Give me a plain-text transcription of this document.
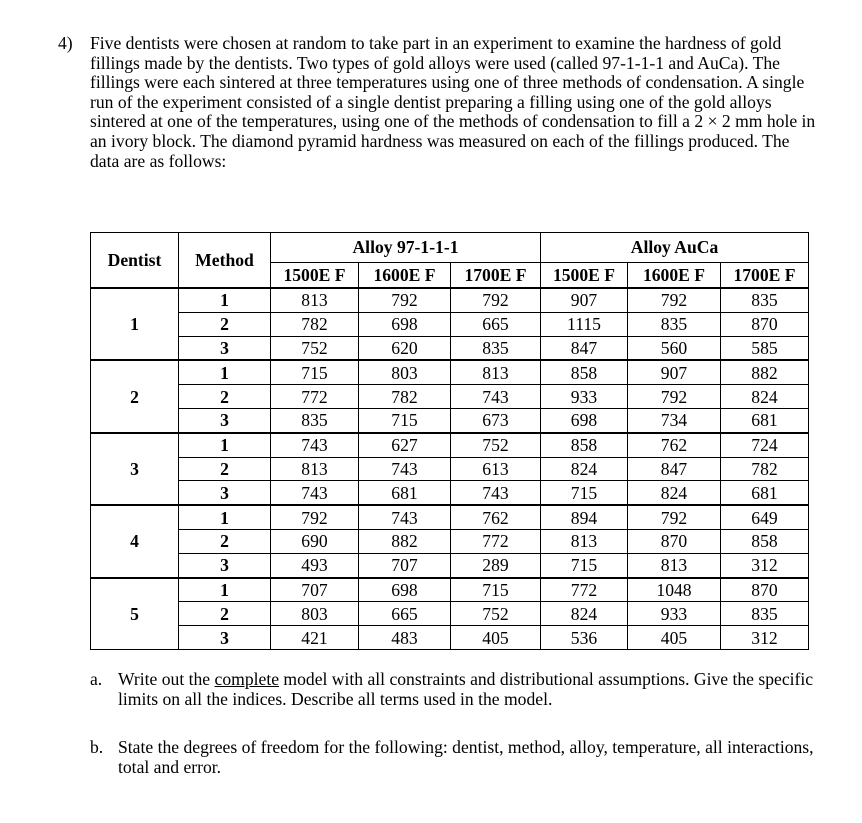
4) Five dentists were chosen at random to take part in an experiment to examine the hardness of gold fillings made by the dentists. Two types of gold alloys were used (called 97-1-1-1 and AuCa). The fillings were each sintered at three temperatures using one of three methods of condensation. A single run of the experiment consisted of a single dentist preparing a filling using one of the gold alloys sintered at one of the temperatures, using one of the methods of condensation to fill a 2 × 2 mm hole in an ivory block. The diamond pyramid hardness was measured on each of the fillings produced. The data are as follows:
Dentist	Method	Alloy 97-1-1-1			Alloy AuCa		
		1500E F	1600E F	1700E F	1500E F	1600E F	1700E F
1	1	813	792	792	907	792	835
	2	782	698	665	1115	835	870
	3	752	620	835	847	560	585
2	1	715	803	813	858	907	882
	2	772	782	743	933	792	824
	3	835	715	673	698	734	681
3	1	743	627	752	858	762	724
	2	813	743	613	824	847	782
	3	743	681	743	715	824	681
4	1	792	743	762	894	792	649
	2	690	882	772	813	870	858
	3	493	707	289	715	813	312
5	1	707	698	715	772	1048	870
	2	803	665	752	824	933	835
	3	421	483	405	536	405	312
a. Write out the complete model with all constraints and distributional assumptions. Give the specific limits on all the indices. Describe all terms used in the model.
b. State the degrees of freedom for the following: dentist, method, alloy, temperature, all interactions, total and error.
